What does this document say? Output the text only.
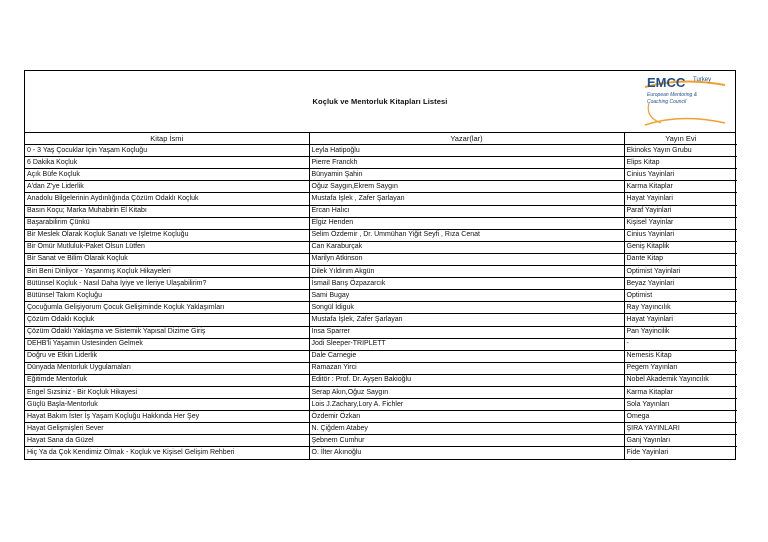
Koçluk ve Mentorluk Kitapları Listesi
EMCC Turkey
European Mentoring &
Coaching Council
Kitap İsmi	Yazar(lar)	Yayın Evi
0 - 3 Yaş Çocuklar İçin Yaşam Koçluğu	Leyla Hatipoğlu	Ekinoks Yayın Grubu
6 Dakika Koçluk	Pierre Franckh	Elips Kitap
Açık Büfe Koçluk	Bünyamin Şahin	Cinius Yayinlari
A'dan Z'ye Liderlik	Oğuz Saygın,Ekrem Saygın	Karma Kitaplar
Anadolu Bilgelerinin Aydınlığında Çözüm Odaklı Koçluk	Mustafa İşlek , Zafer Şarlayan	Hayat Yayinlari
Basın Koçu; Marka Muhabirin El Kitabı	Ercan Halıcı	Paraf Yayinlari
Başarabilirim Çünkü	Elgiz Henden	Kişisel Yayinlar
Bir Meslek Olarak Koçluk Sanatı ve İşletme Koçluğu	Selim Özdemir , Dr. Ümmühan Yiğit Seyfi , Rıza Cenat	Cinius Yayinlari
Bir Ömür Mutluluk-Paket Olsun Lütfen	Can Karaburçak	Geniş Kitaplik
Bir Sanat ve Bilim Olarak Koçluk	Marilyn Atkinson	Dante Kitap
Biri Beni Dinliyor - Yaşanmış Koçluk Hikayeleri	Dilek Yıldırım Akgün	Optimist Yayinlari
Bütünsel Koçluk - Nasıl Daha İyiye ve İleriye Ulaşabilirim?	İsmail Barış Özpazarcık	Beyaz Yayinlari
Bütünsel Takım Koçluğu	Sami Bugay	Optimist
Çocuğumla Gelişiyorum Çocuk Gelişiminde Koçluk Yaklaşımları	Songül İdiguk	Ray Yayıncılık
Çözüm Odaklı Koçluk	Mustafa İşlek, Zafer Şarlayan	Hayat Yayinlari
Çözüm Odaklı Yaklaşma ve Sistemik Yapısal Dizime Giriş	Insa Sparrer	Pan Yayincilik
DEHB'li Yaşamın Üstesinden Gelmek	Jodi Sleeper-TRIPLETT	-
Doğru ve Etkin Liderlik	Dale Carnegie	Nemesis Kitap
Dünyada Mentorluk Uygulamaları	Ramazan Yirci	Pegem Yayınları
Eğitimde Mentorluk	Editör : Prof. Dr. Ayşen Bakioğlu	Nobel Akademik Yayıncılık
Engel Sızsiniz - Bir Koçluk Hikayesi	Serap Akın,Oğuz Saygın	Karma Kitaplar
Güçlü Başla-Mentorluk	Lois J.Zachary,Lory A. Fichler	Sola Yayınları
Hayat Bakım İster İş Yaşam Koçluğu Hakkında Her Şey	Özdemir Özkan	Omega
Hayat Gelişmişleri Sever	N. Çiğdem Atabey	ŞIRA YAYINLARI
Hayat Sana da Güzel	Şebnem Cumhur	Ganj Yayınları
Hiç Ya da Çok Kendimiz Olmak - Koçluk ve Kişisel Gelişim Rehberi	O. İlter Akınoğlu	Fide Yayinlari
